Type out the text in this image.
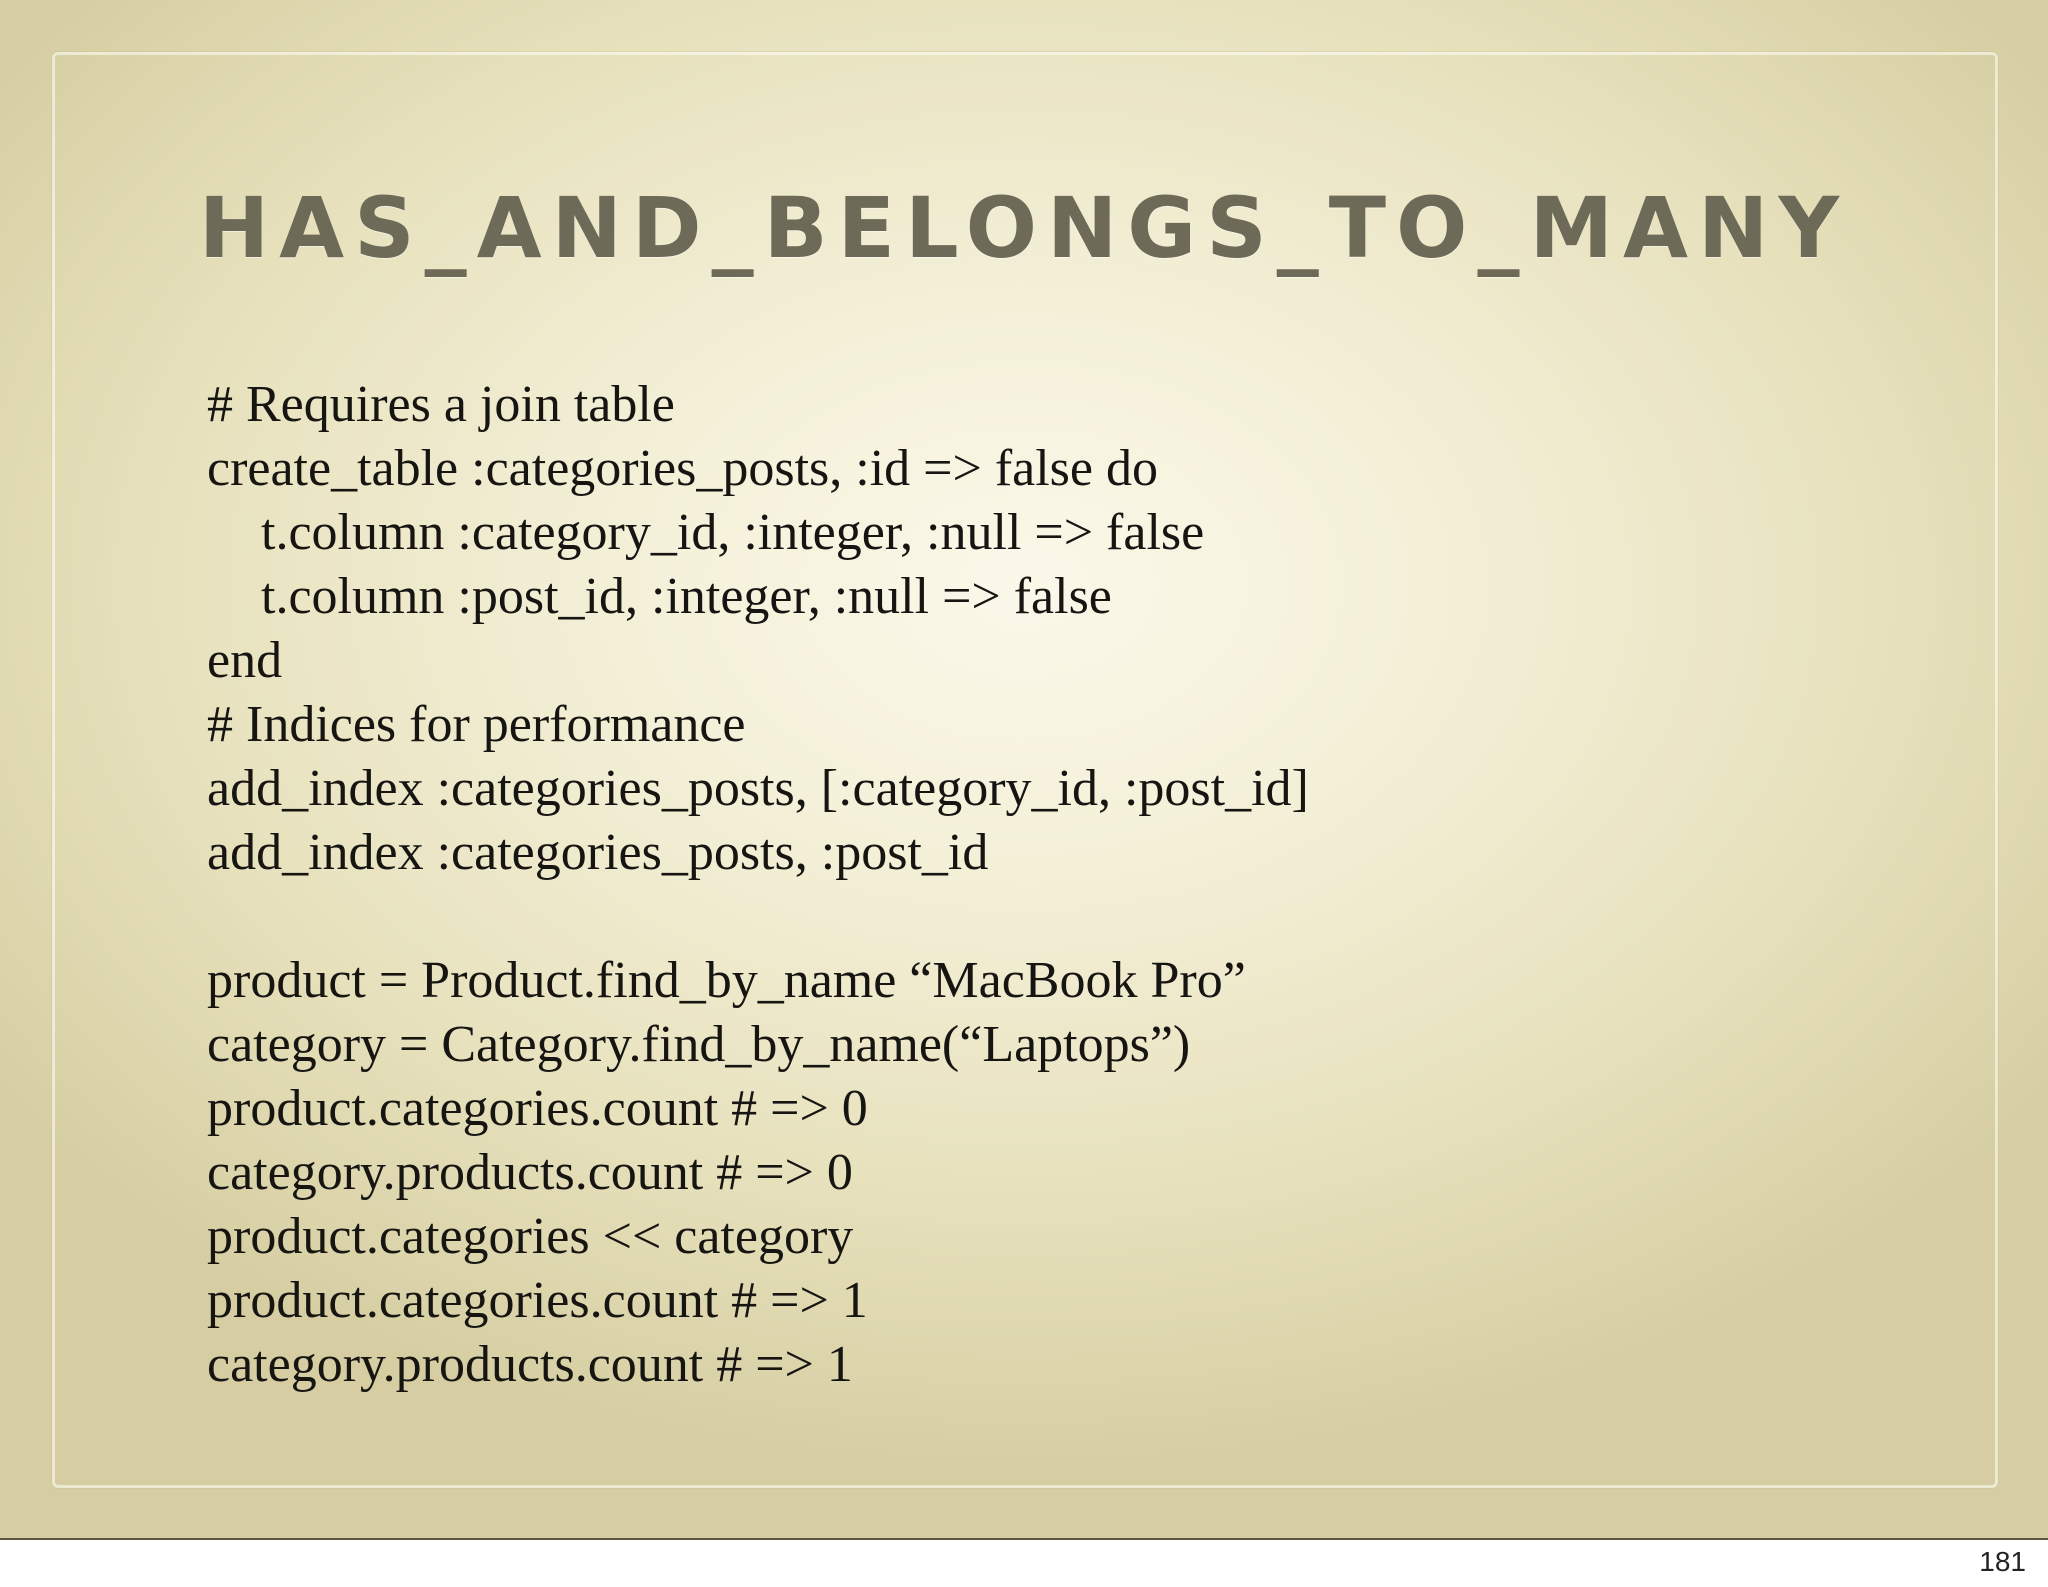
HAS_AND_BELONGS_TO_MANY
# Requires a join table
create_table :categories_posts, :id => false do
t.column :category_id, :integer, :null => false
t.column :post_id, :integer, :null => false
end
# Indices for performance
add_index :categories_posts, [:category_id, :post_id]
add_index :categories_posts, :post_id
product = Product.find_by_name “MacBook Pro”
category = Category.find_by_name(“Laptops”)
product.categories.count # => 0
category.products.count # => 0
product.categories << category
product.categories.count # => 1
category.products.count # => 1
181
